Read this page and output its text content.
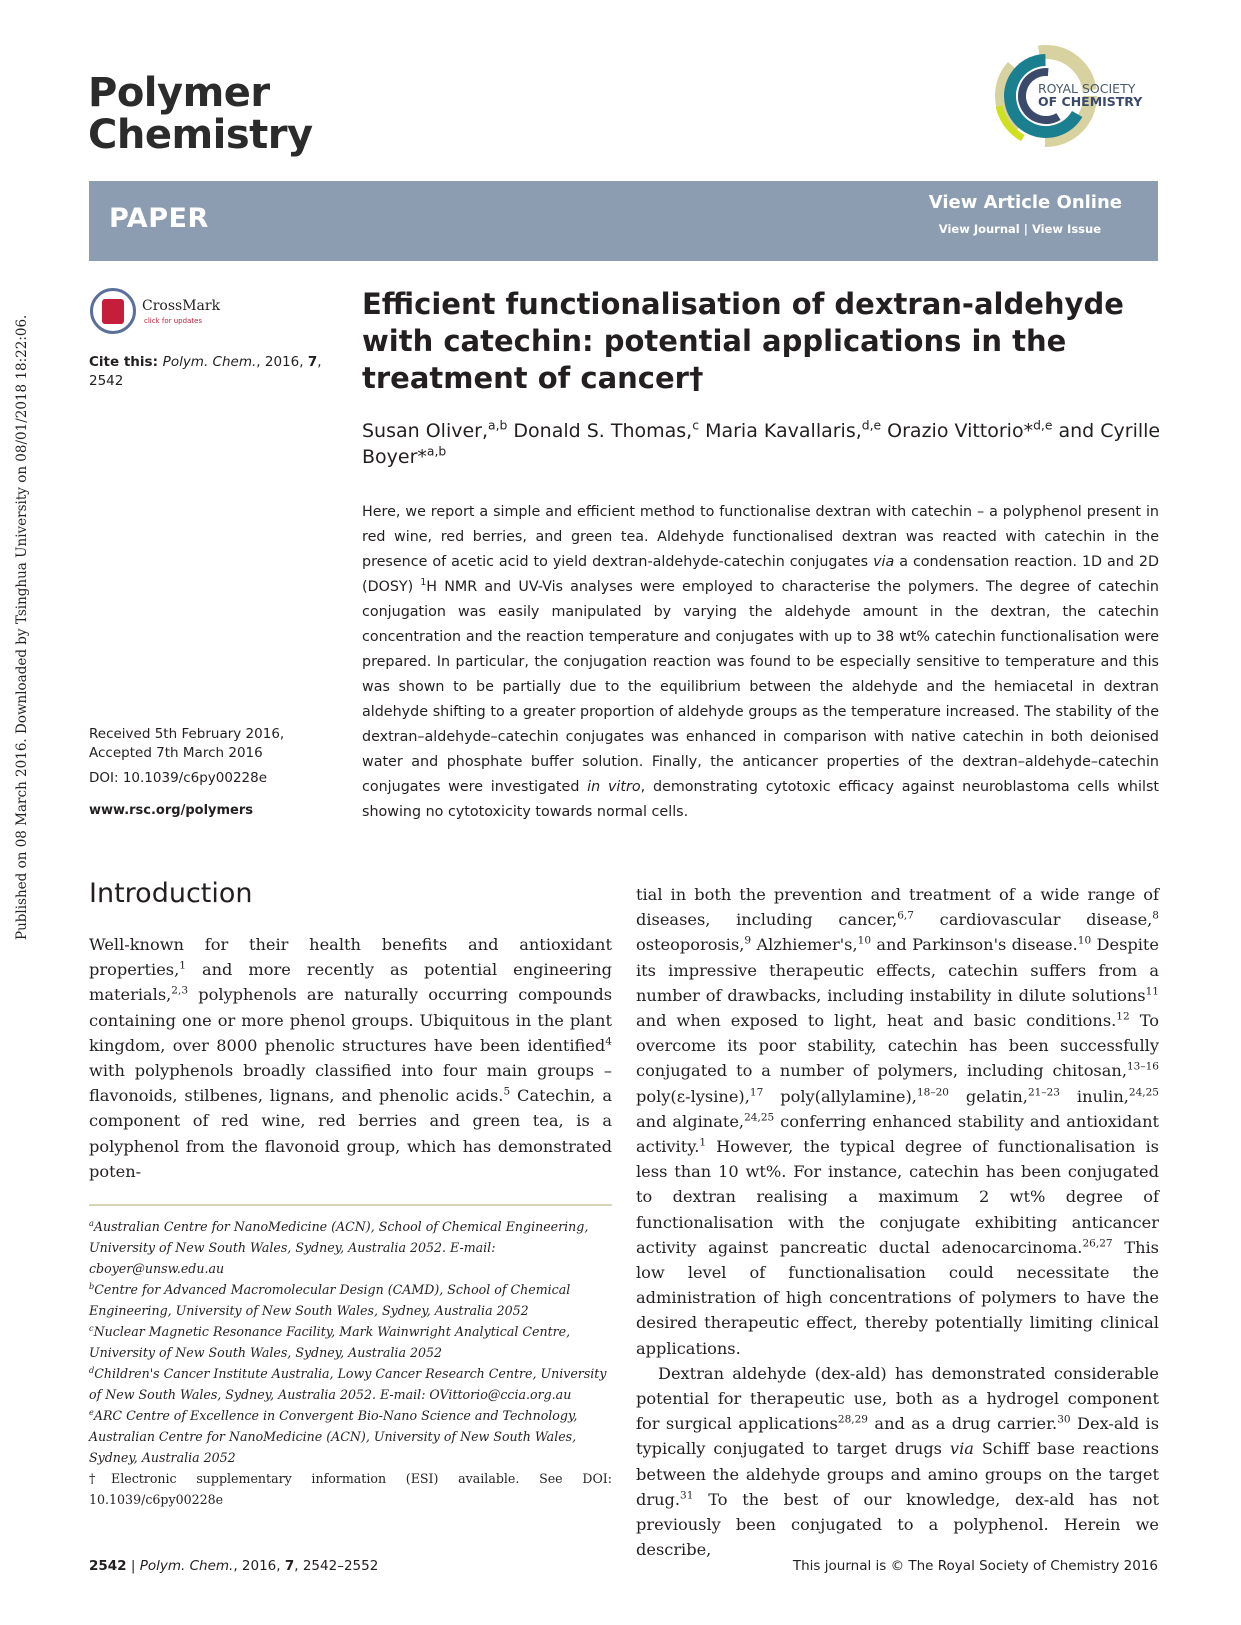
Published on 08 March 2016. Downloaded by Tsinghua University on 08/01/2018 18:22:06.
Polymer
Chemistry
ROYAL SOCIETY
OF CHEMISTRY
PAPER
View Article Online
View Journal | View Issue
CrossMark
click for updates
Cite this: Polym. Chem., 2016, 7,
2542
Received 5th February 2016,
Accepted 7th March 2016
DOI: 10.1039/c6py00228e
www.rsc.org/polymers
Efficient functionalisation of dextran-aldehyde with catechin: potential applications in the treatment of cancer†
Susan Oliver,$^{a,b}$ Donald S. Thomas,$^c$ Maria Kavallaris,$^{d,e}$ Orazio Vittorio*$^{d,e}$ and Cyrille Boyer*$^{a,b}$
Here, we report a simple and efficient method to functionalise dextran with catechin – a polyphenol present in red wine, red berries, and green tea. Aldehyde functionalised dextran was reacted with catechin in the presence of acetic acid to yield dextran-aldehyde-catechin conjugates via a condensation reaction. 1D and 2D (DOSY) $^1$H NMR and UV-Vis analyses were employed to characterise the polymers. The degree of catechin conjugation was easily manipulated by varying the aldehyde amount in the dextran, the catechin concentration and the reaction temperature and conjugates with up to 38 wt% catechin functionalisation were prepared. In particular, the conjugation reaction was found to be especially sensitive to temperature and this was shown to be partially due to the equilibrium between the aldehyde and the hemiacetal in dextran aldehyde shifting to a greater proportion of aldehyde groups as the temperature increased. The stability of the dextran–aldehyde–catechin conjugates was enhanced in comparison with native catechin in both deionised water and phosphate buffer solution. Finally, the anticancer properties of the dextran–aldehyde–catechin conjugates were investigated in vitro, demonstrating cytotoxic efficacy against neuroblastoma cells whilst showing no cytotoxicity towards normal cells.
Introduction

Well-known for their health benefits and antioxidant properties,$^1$ and more recently as potential engineering materials,$^{2,3}$ polyphenols are naturally occurring compounds containing one or more phenol groups. Ubiquitous in the plant kingdom, over 8000 phenolic structures have been identified$^4$ with polyphenols broadly classified into four main groups – flavonoids, stilbenes, lignans, and phenolic acids.$^5$ Catechin, a component of red wine, red berries and green tea, is a polyphenol from the flavonoid group, which has demonstrated poten-

tial in both the prevention and treatment of a wide range of diseases, including cancer,$^{6,7}$ cardiovascular disease,$^8$ osteoporosis,$^9$ Alzhiemer's,$^{10}$ and Parkinson's disease.$^{10}$ Despite its impressive therapeutic effects, catechin suffers from a number of drawbacks, including instability in dilute solutions$^{11}$ and when exposed to light, heat and basic conditions.$^{12}$ To overcome its poor stability, catechin has been successfully conjugated to a number of polymers, including chitosan,$^{13-16}$ poly(ε-lysine),$^{17}$ poly(allylamine),$^{18-20}$ gelatin,$^{21-23}$ inulin,$^{24,25}$ and alginate,$^{24,25}$ conferring enhanced stability and antioxidant activity.$^1$ However, the typical degree of functionalisation is less than 10 wt%. For instance, catechin has been conjugated to dextran realising a maximum 2 wt% degree of functionalisation with the conjugate exhibiting anticancer activity against pancreatic ductal adenocarcinoma.$^{26,27}$ This low level of functionalisation could necessitate the administration of high concentrations of polymers to have the desired therapeutic effect, thereby potentially limiting clinical applications.

Dextran aldehyde (dex-ald) has demonstrated considerable potential for therapeutic use, both as a hydrogel component for surgical applications$^{28,29}$ and as a drug carrier.$^{30}$ Dex-ald is typically conjugated to target drugs via Schiff base reactions between the aldehyde groups and amino groups on the target drug.$^{31}$ To the best of our knowledge, dex-ald has not previously been conjugated to a polyphenol. Herein we describe,

$^a$Australian Centre for NanoMedicine (ACN), School of Chemical Engineering, University of New South Wales, Sydney, Australia 2052. E-mail: cboyer@unsw.edu.au
$^b$Centre for Advanced Macromolecular Design (CAMD), School of Chemical Engineering, University of New South Wales, Sydney, Australia 2052
$^c$Nuclear Magnetic Resonance Facility, Mark Wainwright Analytical Centre, University of New South Wales, Sydney, Australia 2052
$^d$Children's Cancer Institute Australia, Lowy Cancer Research Centre, University of New South Wales, Sydney, Australia 2052. E-mail: OVittorio@ccia.org.au
$^e$ARC Centre of Excellence in Convergent Bio-Nano Science and Technology, Australian Centre for NanoMedicine (ACN), University of New South Wales, Sydney, Australia 2052
†Electronic supplementary information (ESI) available. See DOI: 10.1039/c6py00228e
2542 | Polym. Chem., 2016, 7, 2542–2552	This journal is © The Royal Society of Chemistry 2016
